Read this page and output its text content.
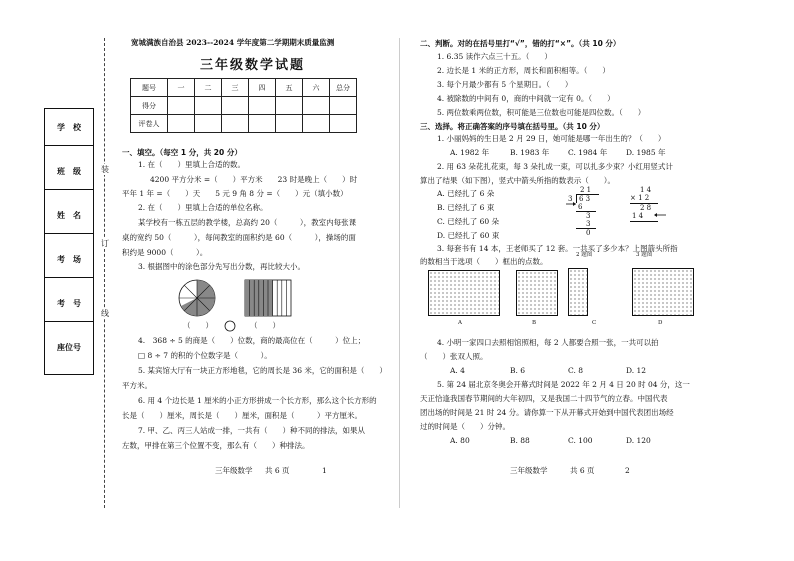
学　校
班　级
姓　名
考　场
考　号
座位号
装
订
线
宽城满族自治县 2023--2024 学年度第二学期期末质量监测
三年级数学试题
题号	一	二	三	四	五	六	总分
得分							
评卷人							
一、填空。（每空 1 分，共 20 分）
1. 在（　　）里填上合适的数。
4200 平方分米 =（　　）平方米　　23 时是晚上（　　）时
平年 1 年 =（　　）天　　5 元 9 角 8 分 =（　　）元（填小数）
2. 在（　　）里填上合适的单位名称。
某学校有一栋五层的教学楼，总高约 20（　　　），教室内每张课
桌的宽约 50（　　　），每间教室的面积约是 60（　　　），操场的面
积约是 9000（　　　）。
3. 根据图中的涂色部分先写出分数，再比较大小。
（　　）	（　　）
4.　368 ÷ 5 的商是（　　）位数，商的最高位在（　　　）位上；
□ 8 ÷ 7 的积的个位数字是（　　　）。
5. 某宾馆大厅有一块正方形地毯，它的周长是 36 米，它的面积是（　　）
平方米。
6. 用 4 个边长是 1 厘米的小正方形拼成一个长方形，那么这个长方形的
长是（　　）厘米，周长是（　　）厘米，面积是（　　　）平方厘米。
7. 甲、乙、丙三人站成一排，一共有（　　）种不同的排法，如果从
左数，甲排在第三个位置不变，那么有（　　）种排法。
三年级数学 共 6 页	1
二、判断。对的在括号里打“√”，错的打“×”。（共 10 分）
1. 6.35 读作六点三十五。（　　）
2. 边长是 1 米的正方形，周长和面积相等。（　　）
3. 每个月最少都有 5 个星期日。（　　）
4. 被除数的中间有 0，商的中间就一定有 0。（　　）
5. 两位数乘两位数，积可能是三位数也可能是四位数。（　　）
三、选择。将正确答案的序号填在括号里。（共 10 分）
1. 小丽妈妈的生日是 2 月 29 日，她可能是哪一年出生的？（　　）
A. 1982 年	B. 1983 年 C. 1984 年	D. 1985 年
2. 用 63 朵花扎花束，每 3 朵扎成一束，可以扎多少束？小红用竖式计
算出了结果（如下图），竖式中箭头所指的数表示（　　）。
A. 已经扎了 6 朵
B. 已经扎了 6 束
C. 已经扎了 60 朵
D. 已经扎了 60 束
2 1
3 6 3
6
3
3
0
2 题图
1 4
× 1 2
2 8
1 4
3 题图
3. 每套书有 14 本，王老师买了 12 套。一共买了多少本？上图箭头所指
的数相当于选项（　　）框出的点数。
A	B	C	D
4. 小明一家四口去照相馆照相，每 2 人都要合照一张，一共可以拍
（　　）张双人照。
A. 4	B. 6	C. 8	D. 12
5. 第 24 届北京冬奥会开幕式时间是 2022 年 2 月 4 日 20 时 04 分，这一
天正恰逢我国春节期间的大年初四，又是我国二十四节气的立春。中国代表
团出场的时间是 21 时 24 分。请你算一下从开幕式开始到中国代表团出场经
过的时间是（　　）分钟。
A. 80	B. 88	C. 100	D. 120
三年级数学	共 6 页	2
